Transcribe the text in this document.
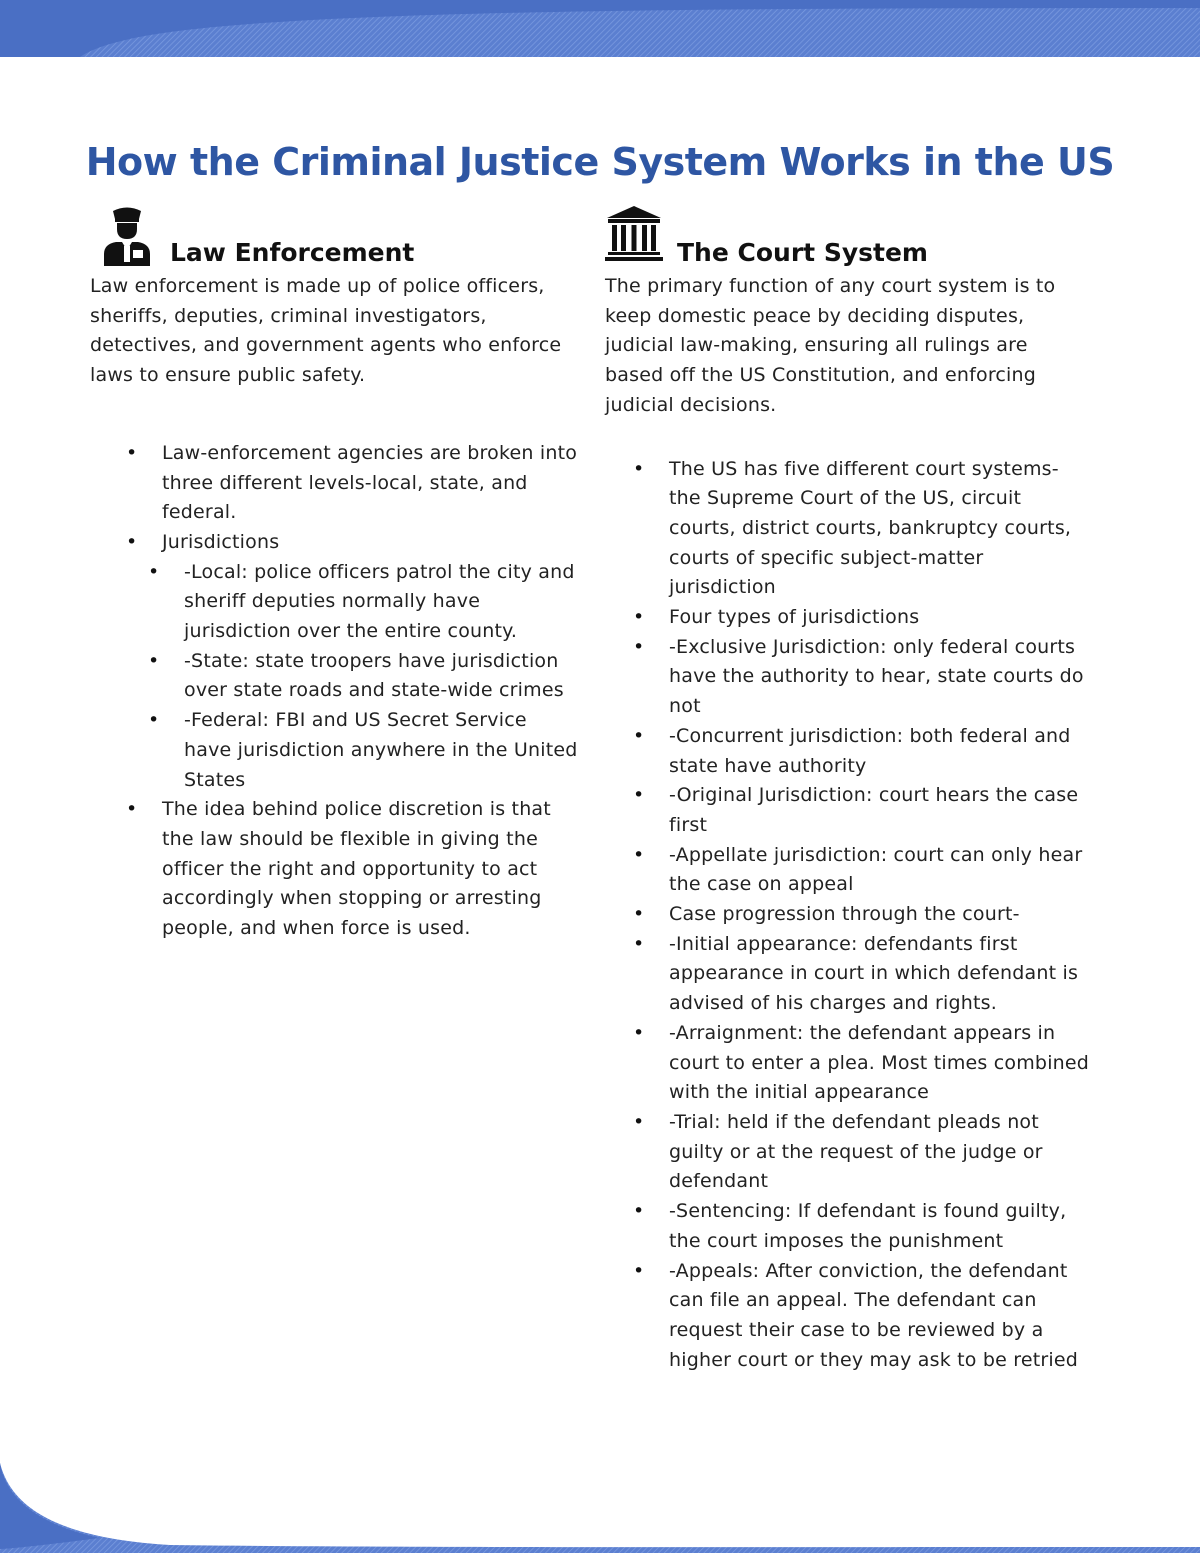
How the Criminal Justice System Works in the US
Law Enforcement

Law enforcement is made up of police officers, sheriffs, deputies, criminal investigators, detectives, and government agents who enforce laws to ensure public safety.

• Law-enforcement agencies are broken into three different levels-local, state, and federal.
• Jurisdictions
• -Local: police officers patrol the city and sheriff deputies normally have jurisdiction over the entire county.
• -State: state troopers have jurisdiction over state roads and state-wide crimes
• -Federal: FBI and US Secret Service have jurisdiction anywhere in the United States
• The idea behind police discretion is that the law should be flexible in giving the officer the right and opportunity to act accordingly when stopping or arresting people, and when force is used.
The Court System

The primary function of any court system is to keep domestic peace by deciding disputes, judicial law-making, ensuring all rulings are based off the US Constitution, and enforcing judicial decisions.

• The US has five different court systems- the Supreme Court of the US, circuit courts, district courts, bankruptcy courts, courts of specific subject-matter jurisdiction
• Four types of jurisdictions
• -Exclusive Jurisdiction: only federal courts have the authority to hear, state courts do not
• -Concurrent jurisdiction: both federal and state have authority
• -Original Jurisdiction: court hears the case first
• -Appellate jurisdiction: court can only hear the case on appeal
• Case progression through the court-
• -Initial appearance: defendants first appearance in court in which defendant is advised of his charges and rights.
• -Arraignment: the defendant appears in court to enter a plea. Most times combined with the initial appearance
• -Trial: held if the defendant pleads not guilty or at the request of the judge or defendant
• -Sentencing: If defendant is found guilty, the court imposes the punishment
• -Appeals: After conviction, the defendant can file an appeal. The defendant can request their case to be reviewed by a higher court or they may ask to be retried
